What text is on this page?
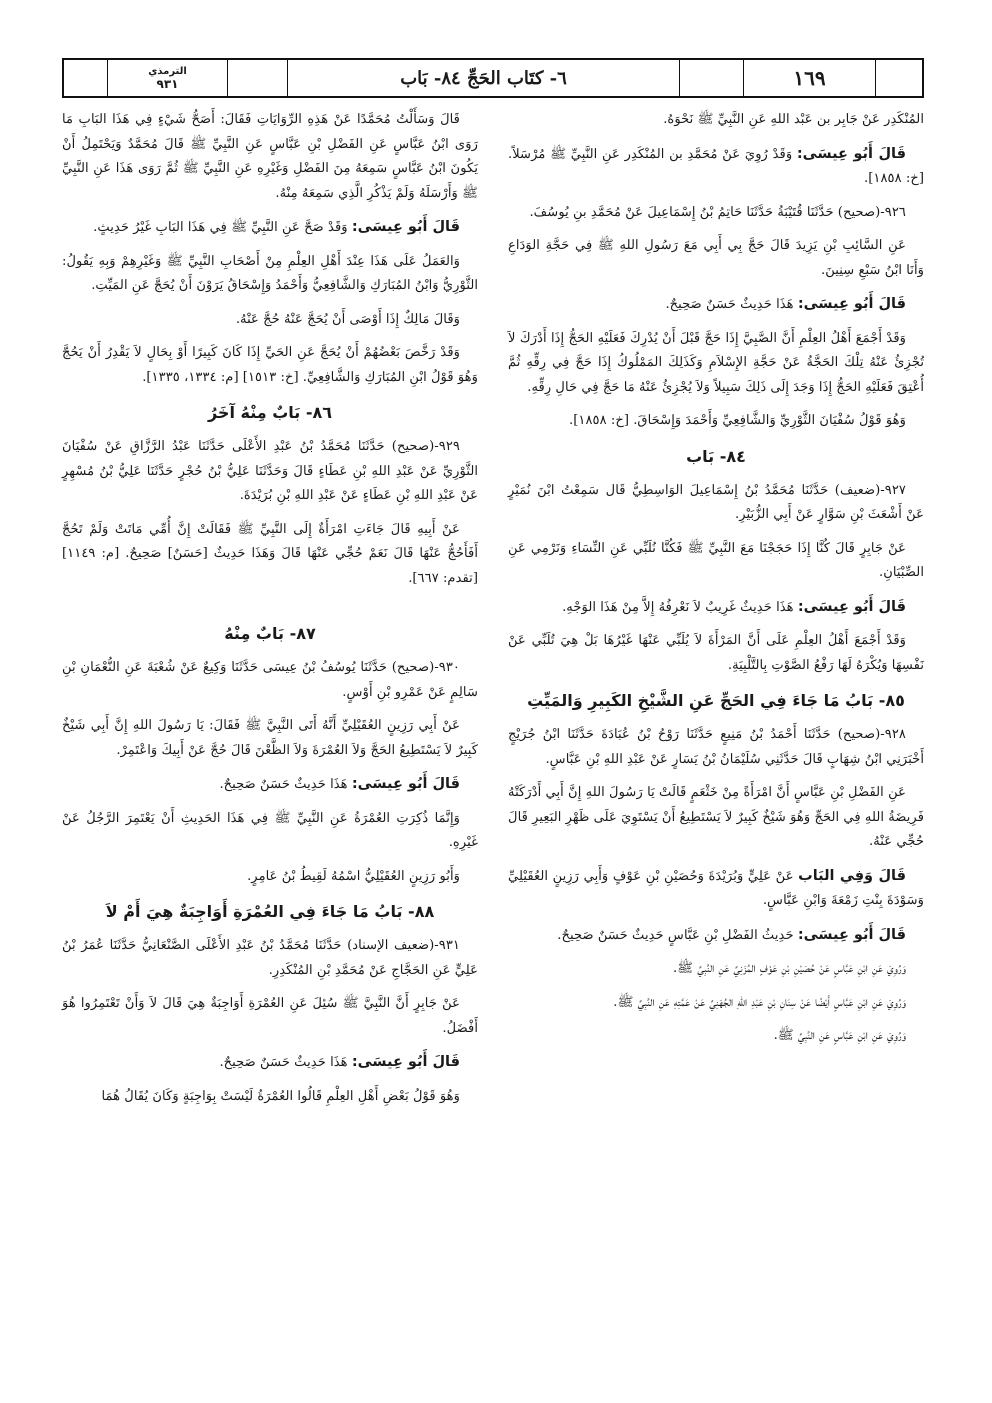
الترمذي
٩٣١	٦- كتَاب الحَجِّ ٨٤- بَاب	١٦٩

المُنْكَدِر عَنْ جَابِر بن عَبْد اللهِ عَنِ النَّبِيِّ ﷺ نَحْوَهُ.

قَالَ أَبُو عِيسَى: وَقَدْ رُوِيَ عَنْ مُحَمَّدِ بن المُنْكَدِر عَنِ النَّبِيِّ ﷺ مُرْسَلاً. [خ: ١٨٥٨].

٩٢٦-(صحيح) حَدَّثَنَا قُتَيْبَةُ حَدَّثَنَا حَاتِمُ بْنُ إِسْمَاعِيلَ عَنْ مُحَمَّدِ بنِ يُوسُفَ.

عَنِ السَّائِبِ بْنِ يَزِيدَ قَالَ حَجَّ بِي أَبِي مَعَ رَسُولِ اللهِ ﷺ فِي حَجَّةِ الوَدَاعِ وَأَنَا ابْنُ سَبْعِ سِنِينَ.

قَالَ أَبُو عِيسَى: هَذَا حَدِيثٌ حَسَنٌ صَحِيحٌ.

وَقَدْ أَجْمَعَ أَهْلُ العِلْمِ أَنَّ الصَّبِيَّ إِذَا حَجَّ قَبْلَ أَنْ يُدْرِكَ فَعَلَيْهِ الحَجُّ إِذَا أَدْرَكَ لاَ تُجْزِئُ عَنْهُ تِلْكَ الحَجَّةُ عَنْ حَجَّةِ الإِسْلاَمِ وَكَذَلِكَ المَمْلُوكُ إِذَا حَجَّ فِي رِقِّهِ ثُمَّ أُعْتِقَ فَعَلَيْهِ الحَجُّ إِذَا وَجَدَ إِلَى ذَلِكَ سَبِيلاً وَلاَ يُجْزِئُ عَنْهُ مَا حَجَّ فِي حَالِ رِقِّهِ.

وَهُوَ قَوْلُ سُفْيَانَ الثَّوْرِيِّ وَالشَّافِعِيِّ وَأَحْمَدَ وَإِسْحَاقَ. [خ: ١٨٥٨].

٨٤- بَاب

٩٢٧-(ضعيف) حَدَّثَنَا مُحَمَّدُ بْنُ إِسْمَاعِيلَ الوَاسِطِيُّ قَال سَمِعْتُ ابْنَ نُمَيْرٍ عَنْ أَشْعَثَ بْنِ سَوَّارٍ عَنْ أَبِي الزُّبَيْرِ.

عَنْ جَابِرٍ قَالَ كُنَّا إِذَا حَجَجْنَا مَعَ النَّبِيِّ ﷺ فَكُنَّا نُلَبِّي عَنِ النِّسَاءِ وَنَرْمِي عَنِ الصِّبْيَانِ.

قَالَ أَبُو عِيسَى: هَذَا حَدِيثٌ غَرِيبٌ لاَ نَعْرِفُهُ إِلاَّ مِنْ هَذَا الوَجْهِ.

وَقَدْ أَجْمَعَ أَهْلُ العِلْمِ عَلَى أَنَّ المَرْأَةَ لاَ يُلَبِّي عَنْهَا غَيْرُهَا بَلْ هِيَ تُلَبِّي عَنْ نَفْسِهَا وَيُكْرَهُ لَهَا رَفْعُ الصَّوْتِ بِالتَّلْبِيَةِ.

٨٥- بَابُ مَا جَاءَ فِي الحَجِّ عَنِ الشَّيْخِ الكَبِيرِ وَالمَيِّتِ

٩٢٨-(صحيح) حَدَّثَنَا أَحْمَدُ بْنُ مَنِيعٍ حَدَّثَنَا رَوْحُ بْنُ عُبَادَةَ حَدَّثَنَا ابْنُ جُرَيْجٍ أَخْبَرَنِي ابْنُ شِهَابٍ قَالَ حَدَّثَنِي سُلَيْمَانُ بْنُ يَسَارٍ عَنْ عَبْدِ اللهِ بْنِ عَبَّاسٍ.

عَنِ الفَضْلِ بْنِ عَبَّاسٍ أَنَّ امْرَأَةً مِنْ خَثْعَمٍ قَالَتْ يَا رَسُولَ اللهِ إِنَّ أَبِي أَدْرَكَتْهُ فَرِيضَةُ اللهِ فِي الحَجِّ وَهُوَ شَيْخٌ كَبِيرٌ لاَ يَسْتَطِيعُ أَنْ يَسْتَوِيَ عَلَى ظَهْرِ البَعِيرِ قَالَ حُجِّي عَنْهُ.

قَالَ وَفِي البَاب عَنْ عَلِيٍّ وَبُرَيْدَةَ وَحُصَيْنِ بْنِ عَوْفٍ وَأَبِي رَزِينٍ العُقَيْلِيِّ وَسَوْدَةَ بِنْتِ زَمْعَةَ وَابْنِ عَبَّاسٍ.

قَالَ أَبُو عِيسَى: حَدِيثُ الفَضْلِ بْنِ عَبَّاسٍ حَدِيثٌ حَسَنٌ صَحِيحٌ.

وَرُوِيَ عَنِ ابْنِ عَبَّاسٍ عَنْ حُصَيْنِ بْنِ عَوْفٍ المُزَنِيِّ عَنِ النَّبِيِّ ﷺ.

وَرُوِيَ عَنِ ابْنِ عَبَّاسٍ أَيْضًا عَنْ سِنَانِ بْنِ عَبْدِ اللهِ الجُهَنِيِّ عَنْ عَمَّتِهِ عَنِ النَّبِيِّ ﷺ.

وَرُوِيَ عَنِ ابْنِ عَبَّاسٍ عَنِ النَّبِيِّ ﷺ.

قَالَ وَسَأَلْتُ مُحَمَّدًا عَنْ هَذِهِ الرِّوَايَاتِ فَقَالَ: أَصَحُّ شَيْءٍ فِي هَذَا البَابِ مَا رَوَى ابْنُ عَبَّاسٍ عَنِ الفَضْلِ بْنِ عَبَّاسٍ عَنِ النَّبِيِّ ﷺ قَالَ مُحَمَّدٌ وَيَحْتَمِلُ أَنْ يَكُونَ ابْنُ عَبَّاسٍ سَمِعَهُ مِنَ الفَضْلِ وَغَيْرِهِ عَنِ النَّبِيِّ ﷺ ثُمَّ رَوَى هَذَا عَنِ النَّبِيِّ ﷺ وَأَرْسَلَهُ وَلَمْ يَذْكُرِ الَّذِي سَمِعَهُ مِنْهُ.

قَالَ أَبُو عِيسَى: وَقَدْ صَحَّ عَنِ النَّبِيِّ ﷺ فِي هَذَا البَابِ غَيْرُ حَدِيثٍ.

وَالعَمَلُ عَلَى هَذَا عِنْدَ أَهْلِ العِلْمِ مِنْ أَصْحَابِ النَّبِيِّ ﷺ وَغَيْرِهِمْ وَبِهِ يَقُولُ: الثَّوْرِيُّ وَابْنُ المُبَارَكِ وَالشَّافِعِيُّ وَأَحْمَدُ وَإِسْحَاقُ يَرَوْنَ أَنْ يُحَجَّ عَنِ المَيِّتِ.

وَقَالَ مَالِكٌ إِذَا أَوْصَى أَنْ يُحَجَّ عَنْهُ حُجَّ عَنْهُ.

وَقَدْ رَخَّصَ بَعْضُهُمْ أَنْ يُحَجَّ عَنِ الحَيِّ إِذَا كَانَ كَبِيرًا أَوْ بِحَالٍ لاَ يَقْدِرُ أَنْ يَحُجَّ وَهُوَ قَوْلُ ابْنِ المُبَارَكِ وَالشَّافِعِيِّ. [خ: ١٥١٣] [م: ١٣٣٤، ١٣٣٥].

٨٦- بَابٌ مِنْهُ آخَرُ

٩٢٩-(صحيح) حَدَّثَنَا مُحَمَّدُ بْنُ عَبْدِ الأَعْلَى حَدَّثَنَا عَبْدُ الرَّزَّاقِ عَنْ سُفْيَانَ الثَّوْرِيِّ عَنْ عَبْدِ اللهِ بْنِ عَطَاءٍ قَالَ وَحَدَّثَنَا عَلِيُّ بْنُ حُجْرٍ حَدَّثَنَا عَلِيُّ بْنُ مُسْهِرٍ عَنْ عَبْدِ اللهِ بْنِ عَطَاءٍ عَنْ عَبْدِ اللهِ بْنِ بُرَيْدَةَ.

عَنْ أَبِيهِ قَالَ جَاءَتِ امْرَأَةٌ إِلَى النَّبِيِّ ﷺ فَقَالَتْ إِنَّ أُمِّي مَاتَتْ وَلَمْ تَحُجَّ أَفَأَحُجُّ عَنْهَا قَالَ نَعَمْ حُجِّي عَنْهَا قَالَ وَهَذَا حَدِيثٌ [حَسَنٌ] صَحِيحٌ. [م: ١١٤٩] [تقدم: ٦٦٧].

٨٧- بَابٌ مِنْهُ

٩٣٠-(صحيح) حَدَّثَنَا يُوسُفُ بْنُ عِيسَى حَدَّثَنَا وَكِيعٌ عَنْ شُعْبَةَ عَنِ النُّعْمَانِ بْنِ سَالِمٍ عَنْ عَمْرِو بْنِ أَوْسٍ.

عَنْ أَبِي رَزِينٍ العُقَيْلِيِّ أَنَّهُ أَتَى النَّبِيَّ ﷺ فَقَالَ: يَا رَسُولَ اللهِ إِنَّ أَبِي شَيْخٌ كَبِيرٌ لاَ يَسْتَطِيعُ الحَجَّ وَلاَ العُمْرَةَ وَلاَ الظَّعْنَ قَالَ حُجَّ عَنْ أَبِيكَ وَاعْتَمِرْ.

قَالَ أَبُو عِيسَى: هَذَا حَدِيثٌ حَسَنٌ صَحِيحٌ.

وَإِنَّمَا ذُكِرَتِ العُمْرَةُ عَنِ النَّبِيِّ ﷺ فِي هَذَا الحَدِيثِ أَنْ يَعْتَمِرَ الرَّجُلُ عَنْ غَيْرِهِ.

وَأَبُو رَزِينٍ العُقَيْلِيُّ اسْمُهُ لَقِيطُ بْنُ عَامِرٍ.

٨٨- بَابُ مَا جَاءَ فِي العُمْرَةِ أَوَاجِبَةٌ هِيَ أَمْ لاَ

٩٣١-(ضعيف الإسناد) حَدَّثَنَا مُحَمَّدُ بْنُ عَبْدِ الأَعْلَى الصَّنْعَانِيُّ حَدَّثَنَا عُمَرُ بْنُ عَلِيٍّ عَنِ الحَجَّاجِ عَنْ مُحَمَّدِ بْنِ المُنْكَدِرِ.

عَنْ جَابِرٍ أَنَّ النَّبِيَّ ﷺ سُئِلَ عَنِ العُمْرَةِ أَوَاجِبَةٌ هِيَ قَالَ لاَ وَأَنْ تَعْتَمِرُوا هُوَ أَفْضَلُ.

قَالَ أَبُو عِيسَى: هَذَا حَدِيثٌ حَسَنٌ صَحِيحٌ.

وَهُوَ قَوْلُ بَعْضِ أَهْلِ العِلْمِ قَالُوا العُمْرَةُ لَيْسَتْ بِوَاجِبَةٍ وَكَانَ يُقَالُ هُمَا
